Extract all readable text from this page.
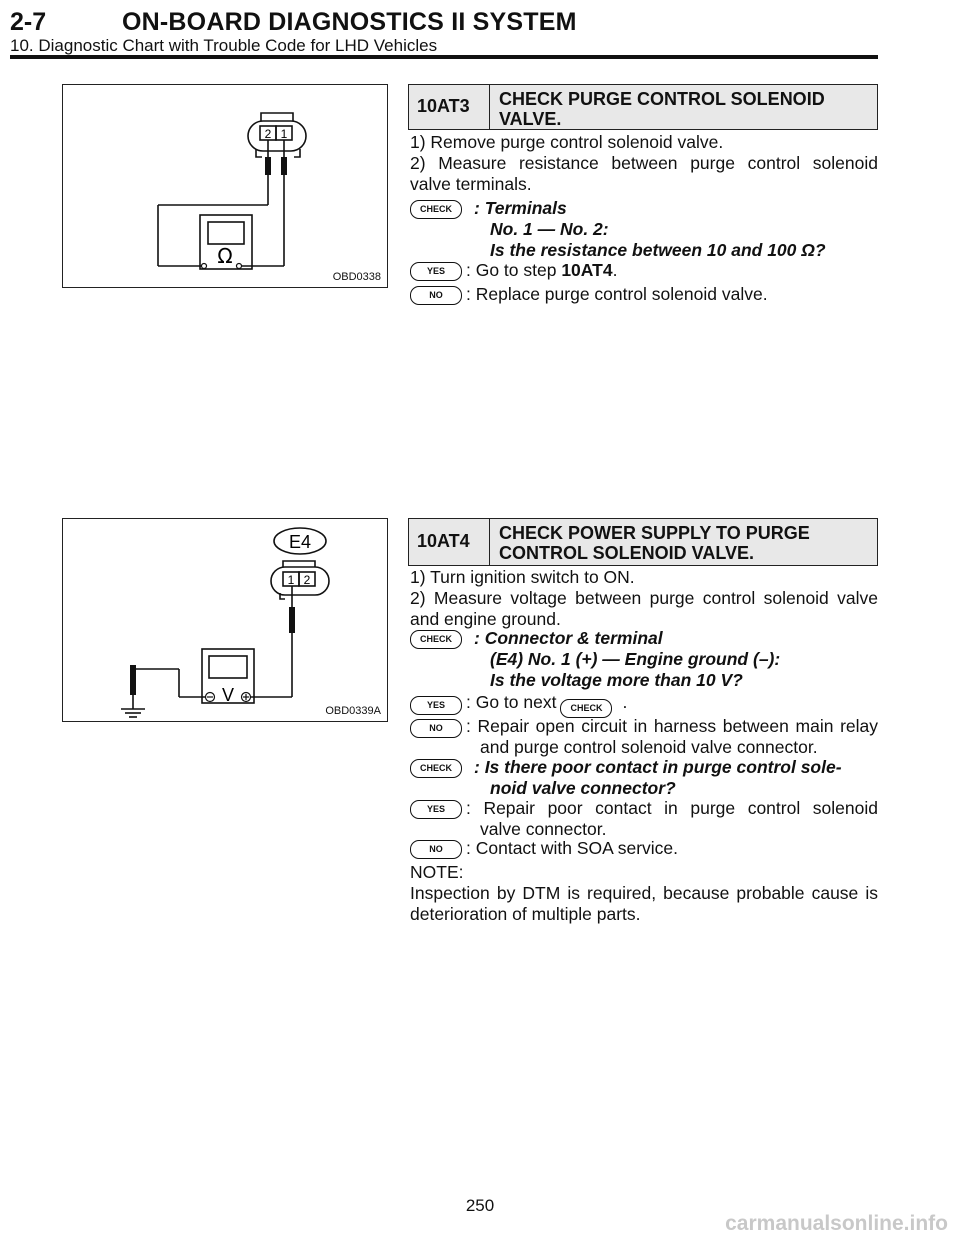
2-7	ON-BOARD DIAGNOSTICS II SYSTEM
10. Diagnostic Chart with Trouble Code for LHD Vehicles
2 1
Ω
OBD0338
10AT3 CHECK PURGE CONTROL SOLENOID
VALVE.
1) Remove purge control solenoid valve.
2) Measure resistance between purge control solenoid
valve terminals.
CHECK	: Terminals
No. 1 — No. 2:
Is the resistance between 10 and 100 Ω?
YES	: Go to step 10AT4.
NO	: Replace purge control solenoid valve.
E4
1 2
V
OBD0339A
10AT4 CHECK POWER SUPPLY TO PURGE
CONTROL SOLENOID VALVE.
1) Turn ignition switch to ON.
2) Measure voltage between purge control solenoid valve
and engine ground.
CHECK	: Connector & terminal
(E4) No. 1 (+) — Engine ground (–):
Is the voltage more than 10 V?
YES	: Go to next CHECK .
NO	: Repair open circuit in harness between main relay
and purge control solenoid valve connector.
CHECK	: Is there poor contact in purge control sole-
noid valve connector?
YES	: Repair poor contact in purge control solenoid
valve connector.
NO	: Contact with SOA service.
NOTE:
Inspection by DTM is required, because probable cause is
deterioration of multiple parts.
250
carmanualsonline.info
